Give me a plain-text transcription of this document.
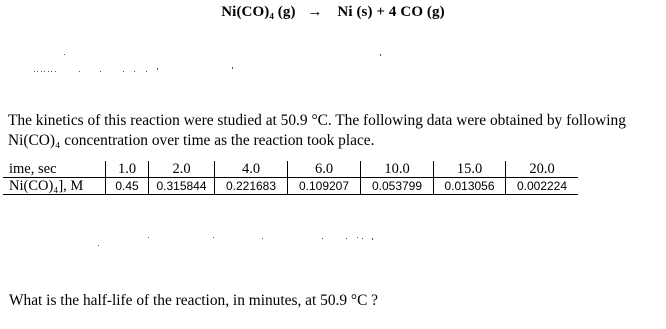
Ni(CO)₄ (g) → Ni (s) + 4 CO (g)

The kinetics of this reaction were studied at 50.9 °C. The following data were obtained by following

Ni(CO)₄ concentration over time as the reaction took place.

ime, sec	1.0	2.0	4.0	6.0	10.0	15.0	20.0
Ni(CO)₄], M	0.45	0.315844	0.221683	0.109207	0.053799	0.013056	0.002224
What is the half-life of the reaction, in minutes, at 50.9 °C ?
